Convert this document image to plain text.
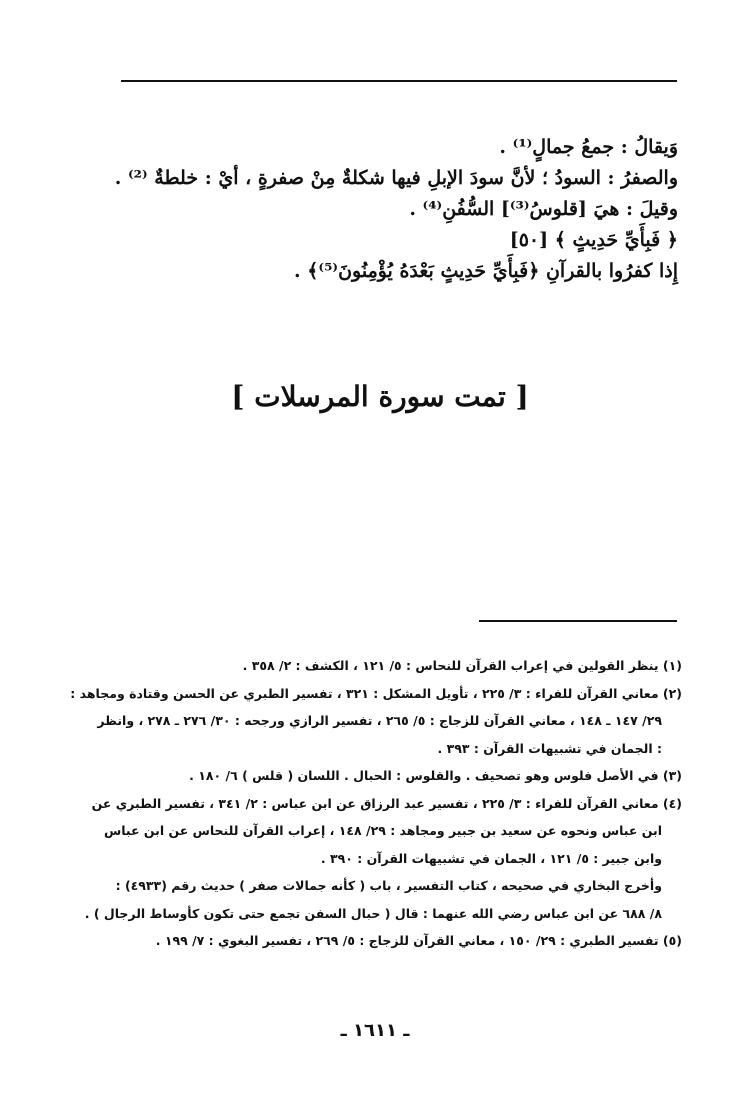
وَيقالُ : جمعُ جمالٍ⁽¹⁾ .
والصفرُ : السودُ ؛ لأنَّ سودَ الإبلِ فيها شكلةٌ مِنْ صفرةٍ ، أيْ : خلطةٌ ⁽²⁾ .
وقيلَ : هيَ [قلوسُ⁽³⁾] السُّفُنِ⁽⁴⁾ .
﴿ فَبِأَيِّ حَدِيثٍ ﴾ [٥٠]
إِذا كفرُوا بالقرآنِ ﴿فَبِأَيِّ حَدِيثٍ بَعْدَهُ يُؤْمِنُونَ⁽⁵⁾﴾ .
[ تمت سورة المرسلات ]
(١) ينظر القولين في إعراب القرآن للنحاس : ٥/ ١٢١ ، الكشف : ٢/ ٣٥٨ .
(٢) معاني القرآن للفراء : ٣/ ٢٢٥ ، تأويل المشكل : ٣٢١ ، تفسير الطبري عن الحسن وقتادة ومجاهد :
٢٩/ ١٤٧ ـ ١٤٨ ، معاني القرآن للزجاج : ٥/ ٢٦٥ ، تفسير الرازي ورجحه : ٣٠/ ٢٧٦ ـ ٢٧٨ ، وانظر
: الجمان في تشبيهات القرآن : ٣٩٣ .
(٣) في الأصل فلوس وهو تصحيف . والقلوس : الحبال . اللسان ( قلس ) ٦/ ١٨٠ .
(٤) معاني القرآن للفراء : ٣/ ٢٢٥ ، تفسير عبد الرزاق عن ابن عباس : ٢/ ٣٤١ ، تفسير الطبري عن
ابن عباس ونحوه عن سعيد بن جبير ومجاهد : ٢٩/ ١٤٨ ، إعراب القرآن للنحاس عن ابن عباس
وابن جبير : ٥/ ١٢١ ، الجمان في تشبيهات القرآن : ٣٩٠ .
وأخرج البخاري في صحيحه ، كتاب التفسير ، باب ( كأنه جمالات صفر ) حديث رقم (٤٩٣٣) :
٨/ ٦٨٨ عن ابن عباس رضي الله عنهما : قال ( حبال السفن تجمع حتى تكون كأوساط الرجال ) .
(٥) تفسير الطبري : ٢٩/ ١٥٠ ، معاني القرآن للزجاج : ٥/ ٢٦٩ ، تفسير البغوي : ٧/ ١٩٩ .
ـ ١٦١١ ـ
